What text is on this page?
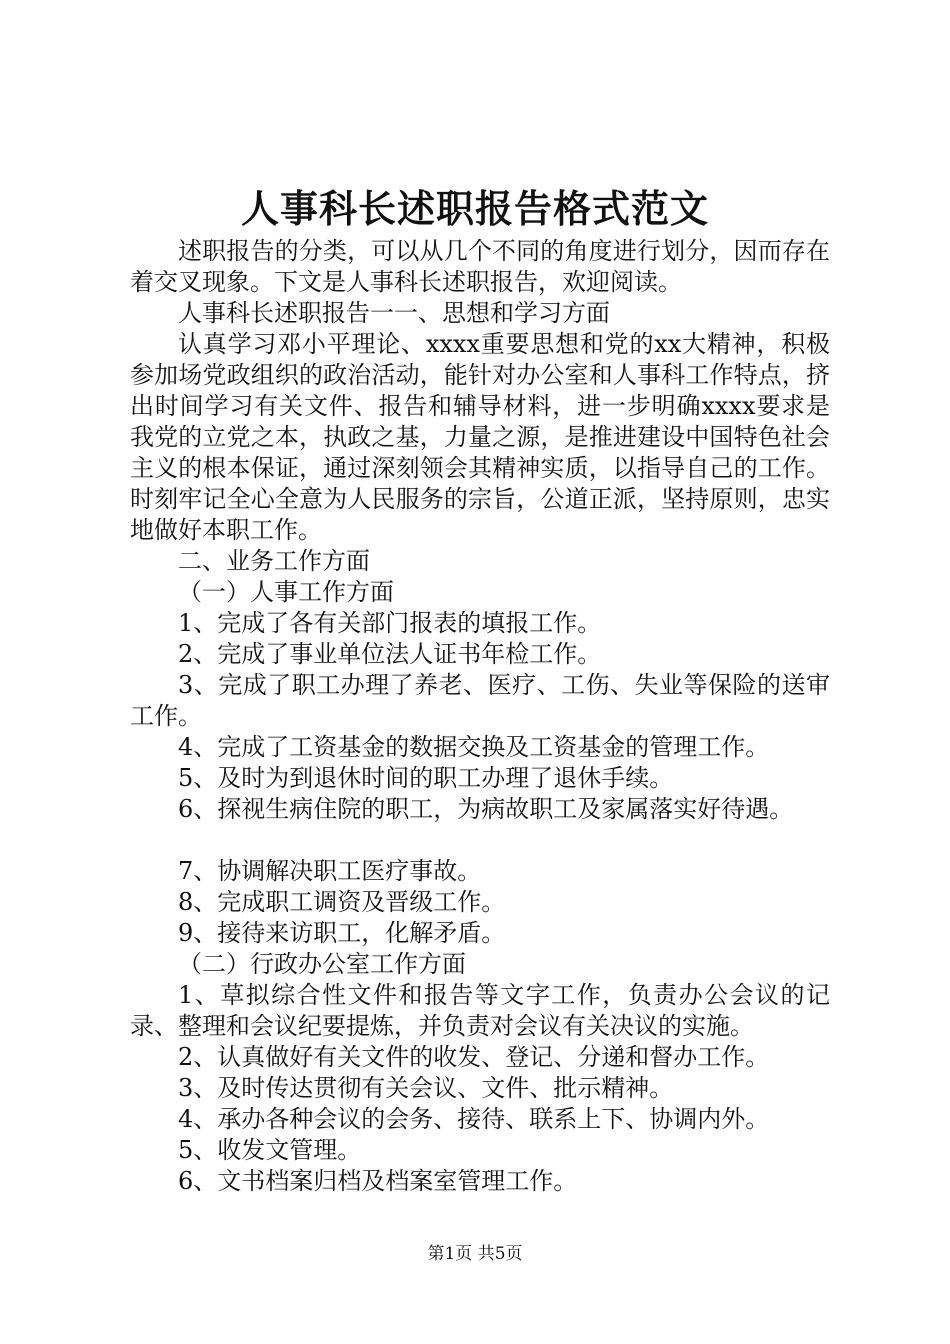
人事科长述职报告格式范文

述职报告的分类，可以从几个不同的角度进行划分，因而存在着交叉现象。下文是人事科长述职报告，欢迎阅读。

人事科长述职报告一一、思想和学习方面

认真学习邓小平理论、xxxx重要思想和党的xx大精神，积极参加场党政组织的政治活动，能针对办公室和人事科工作特点，挤出时间学习有关文件、报告和辅导材料，进一步明确xxxx要求是我党的立党之本，执政之基，力量之源，是推进建设中国特色社会主义的根本保证，通过深刻领会其精神实质，以指导自己的工作。时刻牢记全心全意为人民服务的宗旨，公道正派，坚持原则，忠实地做好本职工作。

二、业务工作方面

（一）人事工作方面

1、完成了各有关部门报表的填报工作。

2、完成了事业单位法人证书年检工作。

3、完成了职工办理了养老、医疗、工伤、失业等保险的送审工作。

4、完成了工资基金的数据交换及工资基金的管理工作。

5、及时为到退休时间的职工办理了退休手续。

6、探视生病住院的职工，为病故职工及家属落实好待遇。

7、协调解决职工医疗事故。

8、完成职工调资及晋级工作。

9、接待来访职工，化解矛盾。

（二）行政办公室工作方面

1、草拟综合性文件和报告等文字工作，负责办公会议的记录、整理和会议纪要提炼，并负责对会议有关决议的实施。

2、认真做好有关文件的收发、登记、分递和督办工作。

3、及时传达贯彻有关会议、文件、批示精神。

4、承办各种会议的会务、接待、联系上下、协调内外。

5、收发文管理。

6、文书档案归档及档案室管理工作。

第1页 共5页
